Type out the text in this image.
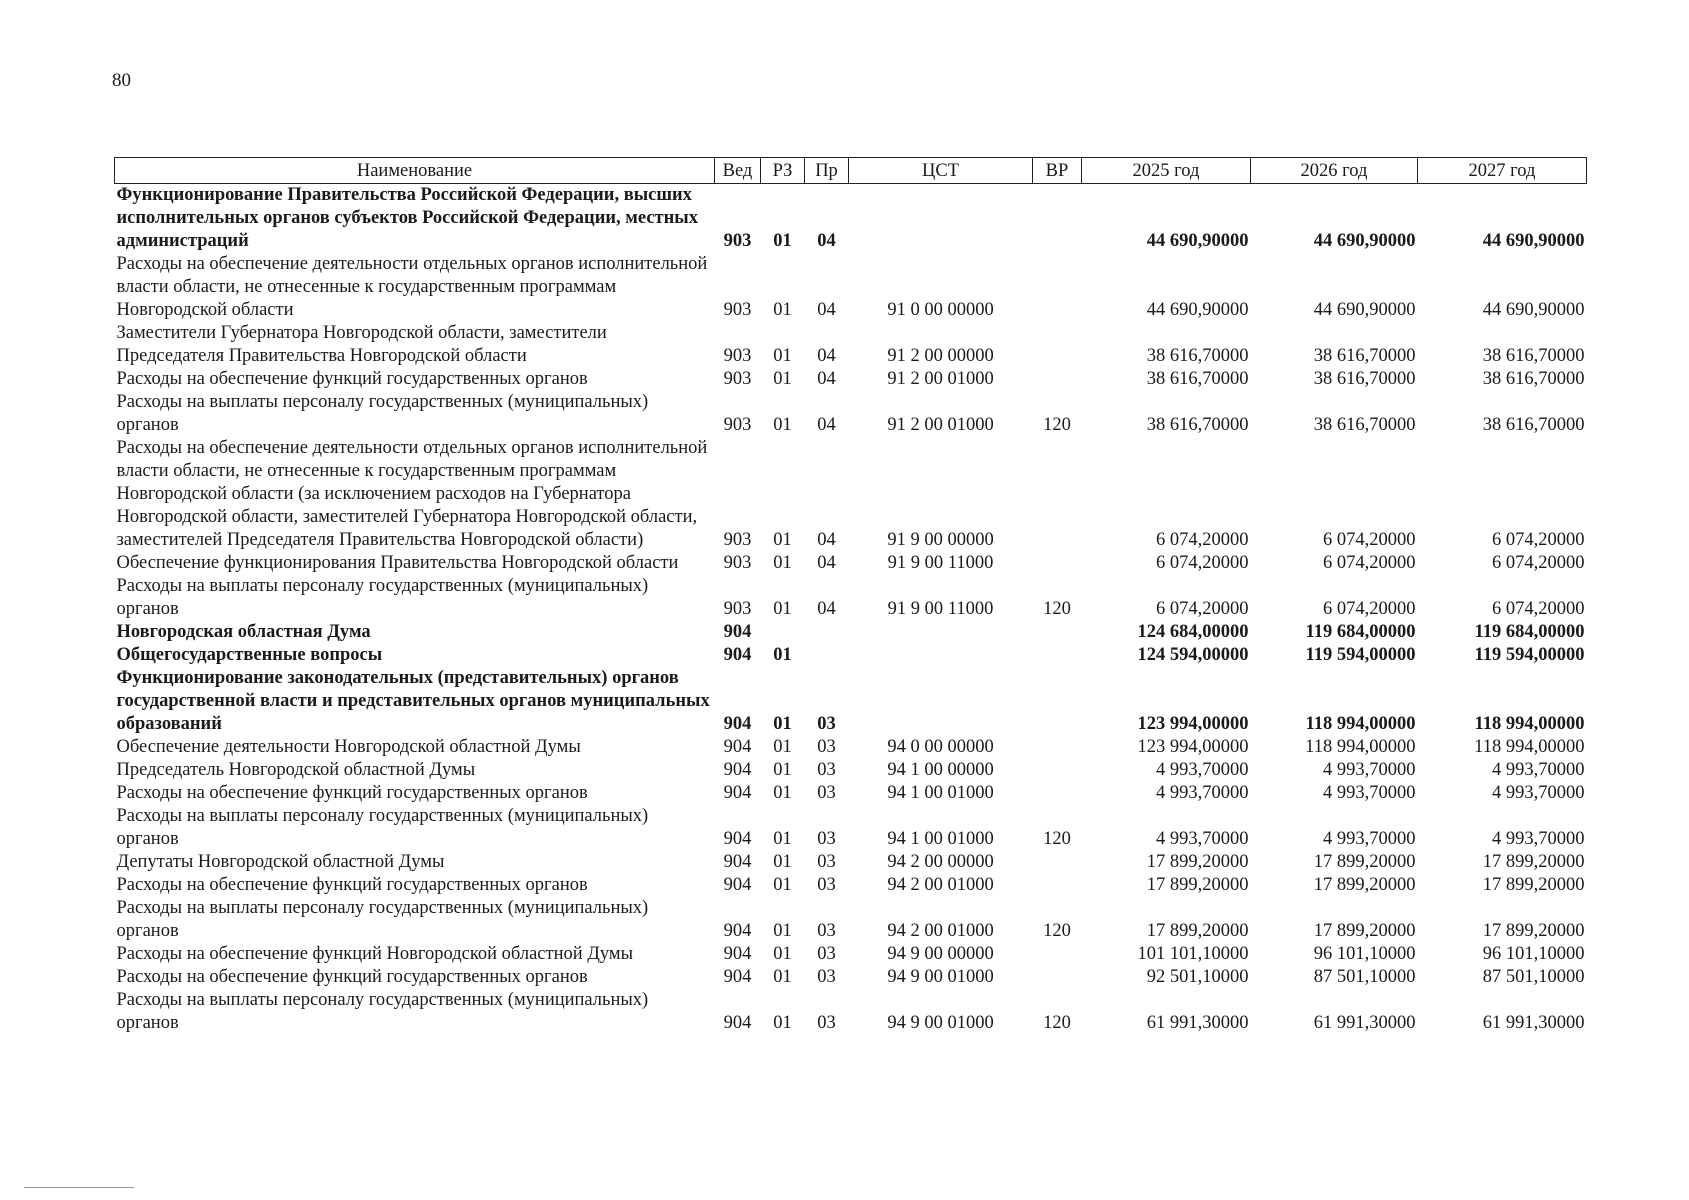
80
Наименование	Вед	РЗ	Пр	ЦСТ	ВР	2025 год	2026 год	2027 год
Функционирование Правительства Российской Федерации, высших исполнительных органов субъектов Российской Федерации, местных администраций	903	01	04			44 690,90000	44 690,90000	44 690,90000
Расходы на обеспечение деятельности отдельных органов исполнительной власти области, не отнесенные к государственным программам Новгородской области	903	01	04	91 0 00 00000		44 690,90000	44 690,90000	44 690,90000
Заместители Губернатора Новгородской области, заместители Председателя Правительства Новгородской области	903	01	04	91 2 00 00000		38 616,70000	38 616,70000	38 616,70000
Расходы на обеспечение функций государственных органов	903	01	04	91 2 00 01000		38 616,70000	38 616,70000	38 616,70000
Расходы на выплаты персоналу государственных (муниципальных) органов	903	01	04	91 2 00 01000	120	38 616,70000	38 616,70000	38 616,70000
Расходы на обеспечение деятельности отдельных органов исполнительной власти области, не отнесенные к государственным программам Новгородской области (за исключением расходов на Губернатора Новгородской области, заместителей Губернатора Новгородской области, заместителей Председателя Правительства Новгородской области)	903	01	04	91 9 00 00000		6 074,20000	6 074,20000	6 074,20000
Обеспечение функционирования Правительства Новгородской области	903	01	04	91 9 00 11000		6 074,20000	6 074,20000	6 074,20000
Расходы на выплаты персоналу государственных (муниципальных) органов	903	01	04	91 9 00 11000	120	6 074,20000	6 074,20000	6 074,20000
Новгородская областная Дума	904					124 684,00000	119 684,00000	119 684,00000
Общегосударственные вопросы	904	01				124 594,00000	119 594,00000	119 594,00000
Функционирование законодательных (представительных) органов государственной власти и представительных органов муниципальных образований	904	01	03			123 994,00000	118 994,00000	118 994,00000
Обеспечение деятельности Новгородской областной Думы	904	01	03	94 0 00 00000		123 994,00000	118 994,00000	118 994,00000
Председатель Новгородской областной Думы	904	01	03	94 1 00 00000		4 993,70000	4 993,70000	4 993,70000
Расходы на обеспечение функций государственных органов	904	01	03	94 1 00 01000		4 993,70000	4 993,70000	4 993,70000
Расходы на выплаты персоналу государственных (муниципальных) органов	904	01	03	94 1 00 01000	120	4 993,70000	4 993,70000	4 993,70000
Депутаты Новгородской областной Думы	904	01	03	94 2 00 00000		17 899,20000	17 899,20000	17 899,20000
Расходы на обеспечение функций государственных органов	904	01	03	94 2 00 01000		17 899,20000	17 899,20000	17 899,20000
Расходы на выплаты персоналу государственных (муниципальных) органов	904	01	03	94 2 00 01000	120	17 899,20000	17 899,20000	17 899,20000
Расходы на обеспечение функций Новгородской областной Думы	904	01	03	94 9 00 00000		101 101,10000	96 101,10000	96 101,10000
Расходы на обеспечение функций государственных органов	904	01	03	94 9 00 01000		92 501,10000	87 501,10000	87 501,10000
Расходы на выплаты персоналу государственных (муниципальных) органов	904	01	03	94 9 00 01000	120	61 991,30000	61 991,30000	61 991,30000
